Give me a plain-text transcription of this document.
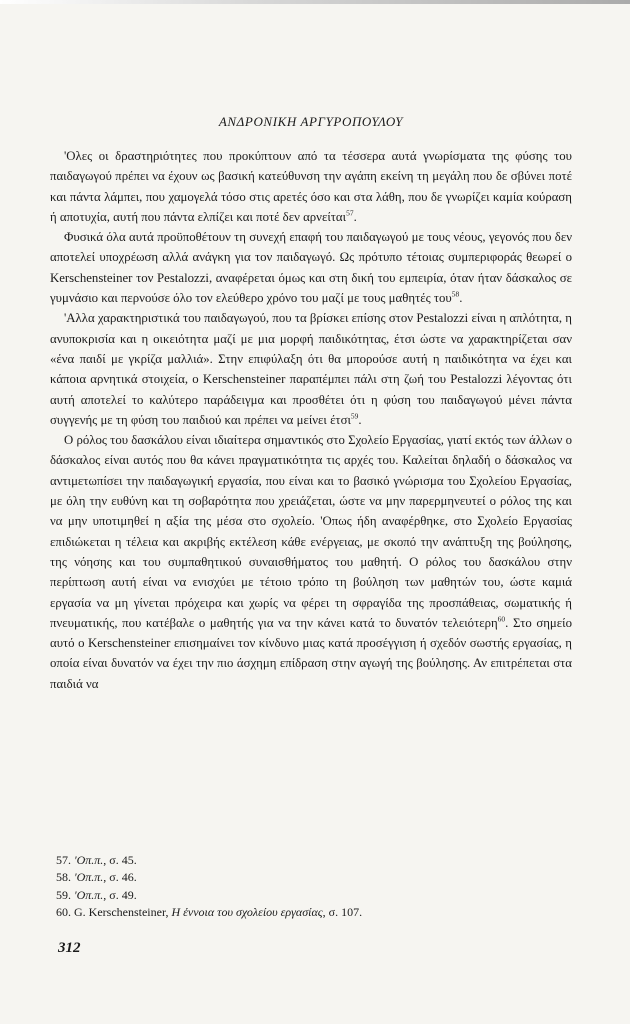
ΑΝΔΡΟΝΙΚΗ ΑΡΓΥΡΟΠΟΥΛΟΥ

'Ολες οι δραστηριότητες που προκύπτουν από τα τέσσερα αυτά γνωρίσματα της φύσης του παιδαγωγού πρέπει να έχουν ως βασική κατεύθυνση την αγάπη εκείνη τη μεγάλη που δε σβύνει ποτέ και πάντα λάμπει, που χαμογελά τόσο στις αρετές όσο και στα λάθη, που δε γνωρίζει καμία κούραση ή αποτυχία, αυτή που πάντα ελπίζει και ποτέ δεν αρνείται$^{57}$.

Φυσικά όλα αυτά προϋποθέτουν τη συνεχή επαφή του παιδαγωγού με τους νέους, γεγονός που δεν αποτελεί υποχρέωση αλλά ανάγκη για τον παιδαγωγό. Ως πρότυπο τέτοιας συμπεριφοράς θεωρεί ο Kerschensteiner τον Pestalozzi, αναφέρεται όμως και στη δική του εμπειρία, όταν ήταν δάσκαλος σε γυμνάσιο και περνούσε όλο τον ελεύθερο χρόνο του μαζί με τους μαθητές του$^{58}$.

'Αλλα χαρακτηριστικά του παιδαγωγού, που τα βρίσκει επίσης στον Pestalozzi είναι η απλότητα, η ανυποκρισία και η οικειότητα μαζί με μια μορφή παιδικότητας, έτσι ώστε να χαρακτηρίζεται σαν «ένα παιδί με γκρίζα μαλλιά». Στην επιφύλαξη ότι θα μπορούσε αυτή η παιδικότητα να έχει και κάποια αρνητικά στοιχεία, ο Kerschensteiner παραπέμπει πάλι στη ζωή του Pestalozzi λέγοντας ότι αυτή αποτελεί το καλύτερο παράδειγμα και προσθέτει ότι η φύση του παιδαγωγού μένει πάντα συγγενής με τη φύση του παιδιού και πρέπει να μείνει έτσι$^{59}$.

Ο ρόλος του δασκάλου είναι ιδιαίτερα σημαντικός στο Σχολείο Εργασίας, γιατί εκτός των άλλων ο δάσκαλος είναι αυτός που θα κάνει πραγματικότητα τις αρχές του. Καλείται δηλαδή ο δάσκαλος να αντιμετωπίσει την παιδαγωγική εργασία, που είναι και το βασικό γνώρισμα του Σχολείου Εργασίας, με όλη την ευθύνη και τη σοβαρότητα που χρειάζεται, ώστε να μην παρερμηνευτεί ο ρόλος της και να μην υποτιμηθεί η αξία της μέσα στο σχολείο. 'Οπως ήδη αναφέρθηκε, στο Σχολείο Εργασίας επιδιώκεται η τέλεια και ακριβής εκτέλεση κάθε ενέργειας, με σκοπό την ανάπτυξη της βούλησης, της νόησης και του συμπαθητικού συναισθήματος του μαθητή. Ο ρόλος του δασκάλου στην περίπτωση αυτή είναι να ενισχύει με τέτοιο τρόπο τη βούληση των μαθητών του, ώστε καμιά εργασία να μη γίνεται πρόχειρα και χωρίς να φέρει τη σφραγίδα της προσπάθειας, σωματικής ή πνευματικής, που κατέβαλε ο μαθητής για να την κάνει κατά το δυνατόν τελειότερη$^{60}$. Στο σημείο αυτό ο Kerschensteiner επισημαίνει τον κίνδυνο μιας κατά προσέγγιση ή σχεδόν σωστής εργασίας, η οποία είναι δυνατόν να έχει την πιο άσχημη επίδραση στην αγωγή της βούλησης. Αν επιτρέπεται στα παιδιά να

57. 'Οπ.π., σ. 45.
58. 'Οπ.π., σ. 46.
59. 'Οπ.π., σ. 49.
60. G. Kerschensteiner, Η έννοια του σχολείου εργασίας, σ. 107.
312
